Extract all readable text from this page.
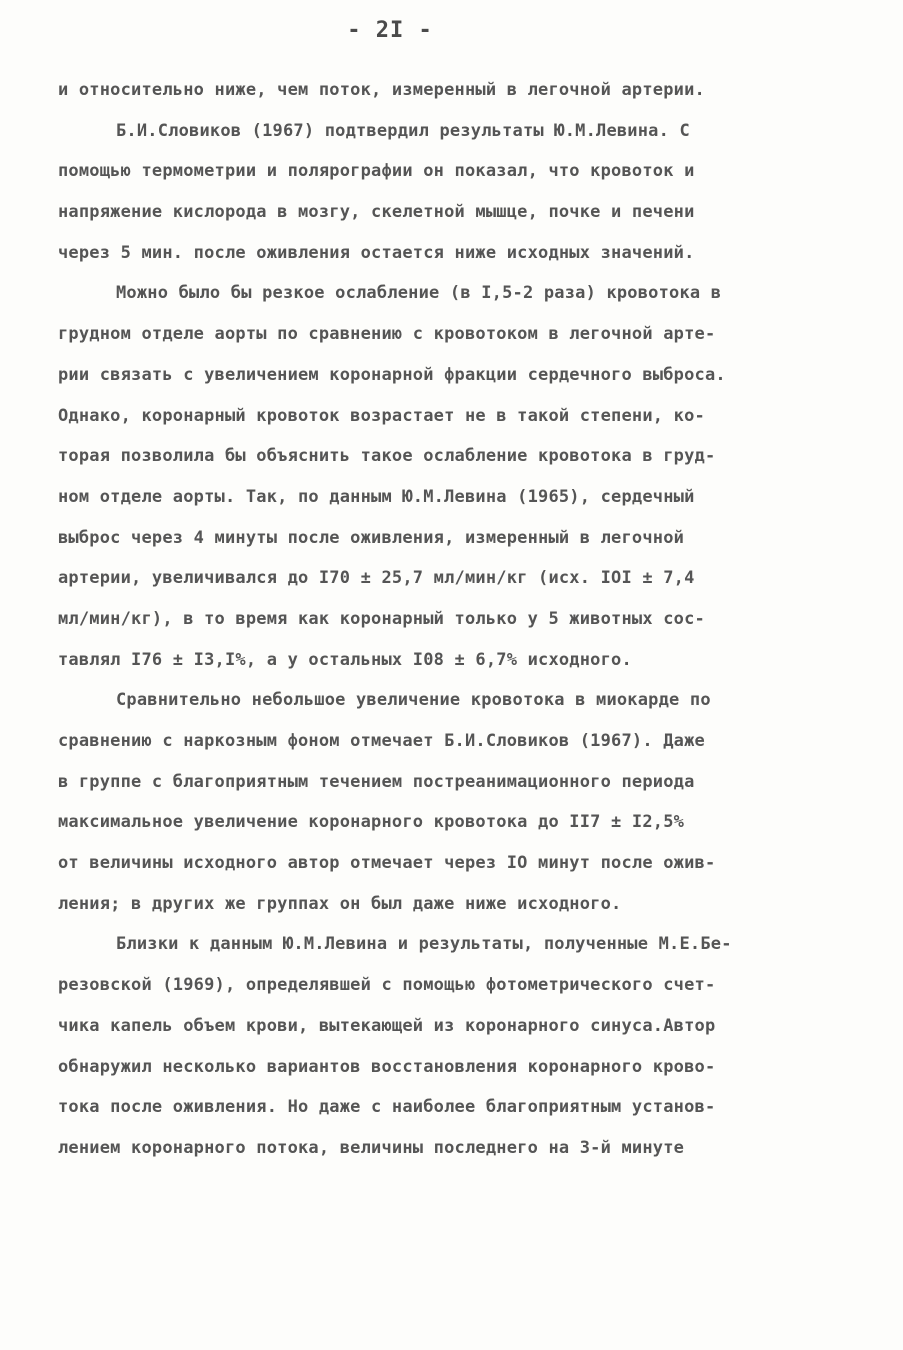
- 2I -
и относительно ниже, чем поток, измеренный в легочной артерии.
Б.И.Словиков (1967) подтвердил результаты Ю.М.Левина. С
помощью термометрии и полярографии он показал, что кровоток и
напряжение кислорода в мозгу, скелетной мышце, почке и печени
через 5 мин. после оживления остается ниже исходных значений.
Можно было бы резкое ослабление (в I,5-2 раза) кровотока в
грудном отделе аорты по сравнению с кровотоком в легочной арте-
рии связать с увеличением коронарной фракции сердечного выброса.
Однако, коронарный кровоток возрастает не в такой степени, ко-
торая позволила бы объяснить такое ослабление кровотока в груд-
ном отделе аорты. Так, по данным Ю.М.Левина (1965), сердечный
выброс через 4 минуты после оживления, измеренный в легочной
артерии, увеличивался до I70 ± 25,7 мл/мин/кг (исх. IOI ± 7,4
мл/мин/кг), в то время как коронарный только у 5 животных сос-
тавлял I76 ± I3,I%, а у остальных I08 ± 6,7% исходного.
Сравнительно небольшое увеличение кровотока в миокарде по
сравнению с наркозным фоном отмечает Б.И.Словиков (1967). Даже
в группе с благоприятным течением постреанимационного периода
максимальное увеличение коронарного кровотока до II7 ± I2,5%
от величины исходного автор отмечает через IO минут после ожив-
ления; в других же группах он был даже ниже исходного.
Близки к данным Ю.М.Левина и результаты, полученные М.Е.Бе-
резовской (1969), определявшей с помощью фотометрического счет-
чика капель объем крови, вытекающей из коронарного синуса.Автор
обнаружил несколько вариантов восстановления коронарного крово-
тока после оживления. Но даже с наиболее благоприятным установ-
лением коронарного потока, величины последнего на 3-й минуте
